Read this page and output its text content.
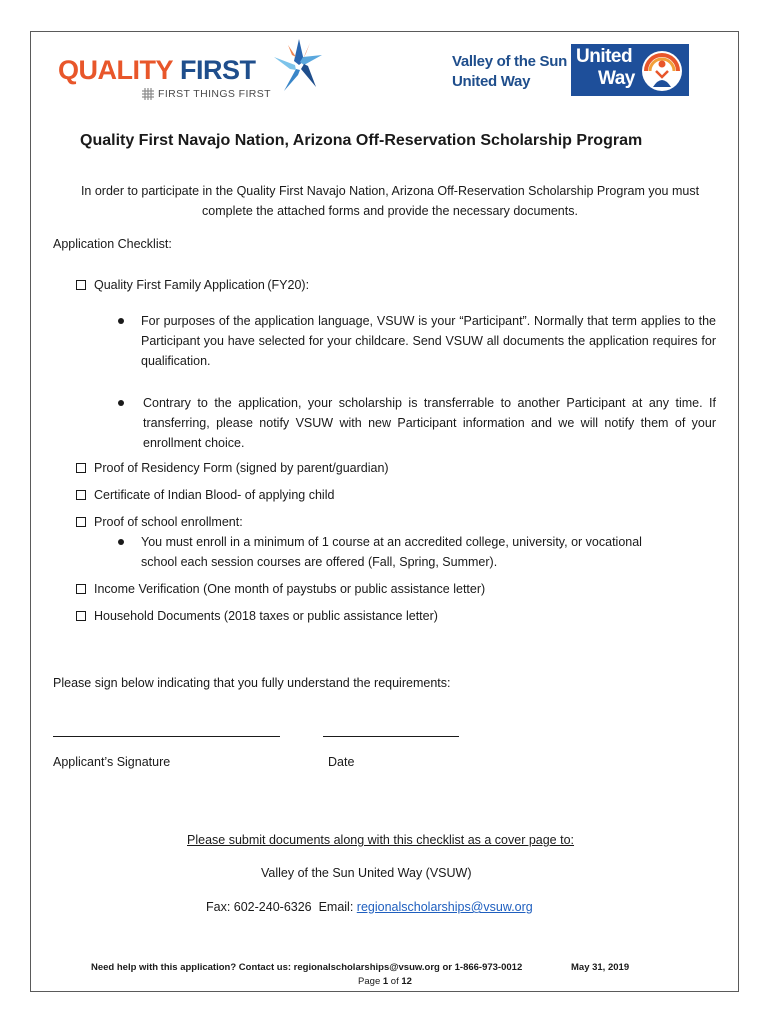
QUALITY FIRST
FIRST THINGS FIRST
Valley of the Sun
United Way
United
Way
Quality First Navajo Nation, Arizona Off-Reservation Scholarship Program
In order to participate in the Quality First Navajo Nation, Arizona Off-Reservation Scholarship Program you must complete the attached forms and provide the necessary documents.
Application Checklist:
Quality First Family Application (FY20):
For purposes of the application language, VSUW is your “Participant”. Normally that term applies to the Participant you have selected for your childcare. Send VSUW all documents the application requires for qualification.
Contrary to the application, your scholarship is transferrable to another Participant at any time. If transferring, please notify VSUW with new Participant information and we will notify them of your enrollment choice.
Proof of Residency Form (signed by parent/guardian)
Certificate of Indian Blood- of applying child
Proof of school enrollment:
You must enroll in a minimum of 1 course at an accredited college, university, or vocational
school each session courses are offered (Fall, Spring, Summer).
Income Verification (One month of paystubs or public assistance letter)
Household Documents (2018 taxes or public assistance letter)
Please sign below indicating that you fully understand the requirements:
Applicant’s Signature	Date
Please submit documents along with this checklist as a cover page to:
Valley of the Sun United Way (VSUW)
Fax: 602-240-6326  Email: regionalscholarships@vsuw.org
Need help with this application? Contact us: regionalscholarships@vsuw.org or 1-866-973-0012	May 31, 2019
Page 1 of 12
